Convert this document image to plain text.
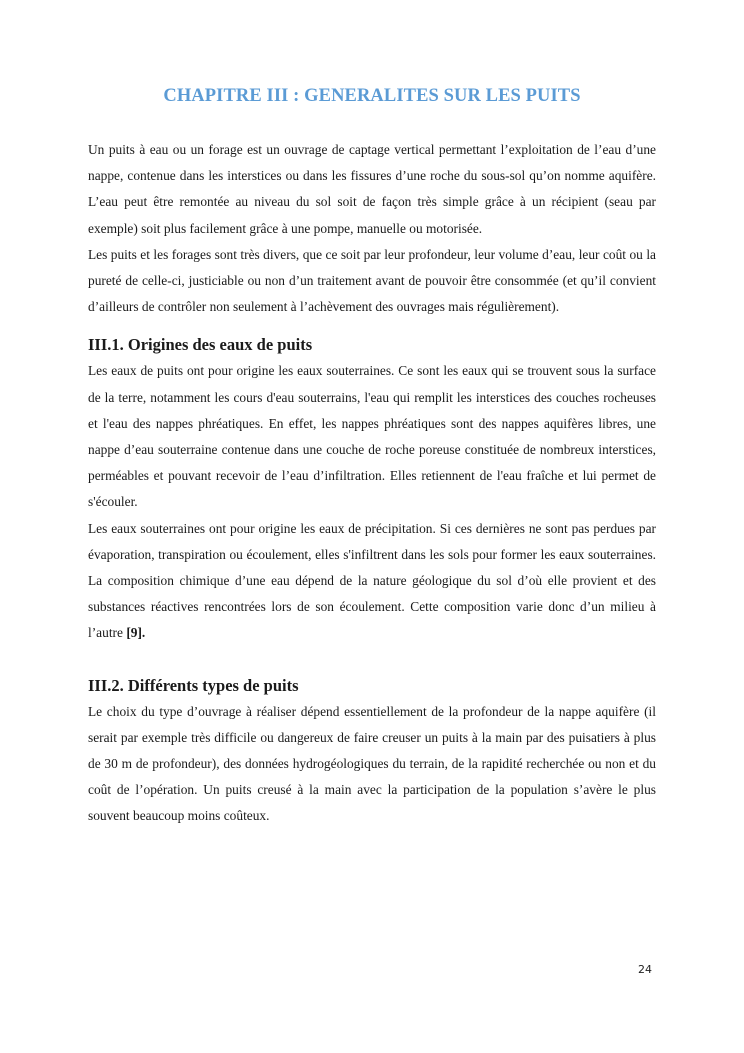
CHAPITRE III : GENERALITES SUR LES PUITS

Un puits à eau ou un forage est un ouvrage de captage vertical permettant l’exploitation de l’eau d’une nappe, contenue dans les interstices ou dans les fissures d’une roche du sous-sol qu’on nomme aquifère. L’eau peut être remontée au niveau du sol soit de façon très simple grâce à un récipient (seau par exemple) soit plus facilement grâce à une pompe, manuelle ou motorisée.

Les puits et les forages sont très divers, que ce soit par leur profondeur, leur volume d’eau, leur coût ou la pureté de celle-ci, justiciable ou non d’un traitement avant de pouvoir être consommée (et qu’il convient d’ailleurs de contrôler non seulement à l’achèvement des ouvrages mais régulièrement).

III.1. Origines des eaux de puits

Les eaux de puits ont pour origine les eaux souterraines. Ce sont les eaux qui se trouvent sous la surface de la terre, notamment les cours d'eau souterrains, l'eau qui remplit les interstices des couches rocheuses et l'eau des nappes phréatiques. En effet, les nappes phréatiques sont des nappes aquifères libres, une nappe d’eau souterraine contenue dans une couche de roche poreuse constituée de nombreux interstices, perméables et pouvant recevoir de l’eau d’infiltration. Elles retiennent de l'eau fraîche et lui permet de s'écouler.

Les eaux souterraines ont pour origine les eaux de précipitation. Si ces dernières ne sont pas perdues par évaporation, transpiration ou écoulement, elles s'infiltrent dans les sols pour former les eaux souterraines. La composition chimique d’une eau dépend de la nature géologique du sol d’où elle provient et des substances réactives rencontrées lors de son écoulement. Cette composition varie donc d’un milieu à l’autre [9].

III.2. Différents types de puits

Le choix du type d’ouvrage à réaliser dépend essentiellement de la profondeur de la nappe aquifère (il serait par exemple très difficile ou dangereux de faire creuser un puits à la main par des puisatiers à plus de 30 m de profondeur), des données hydrogéologiques du terrain, de la rapidité recherchée ou non et du coût de l’opération. Un puits creusé à la main avec la participation de la population s’avère le plus souvent beaucoup moins coûteux.

24
